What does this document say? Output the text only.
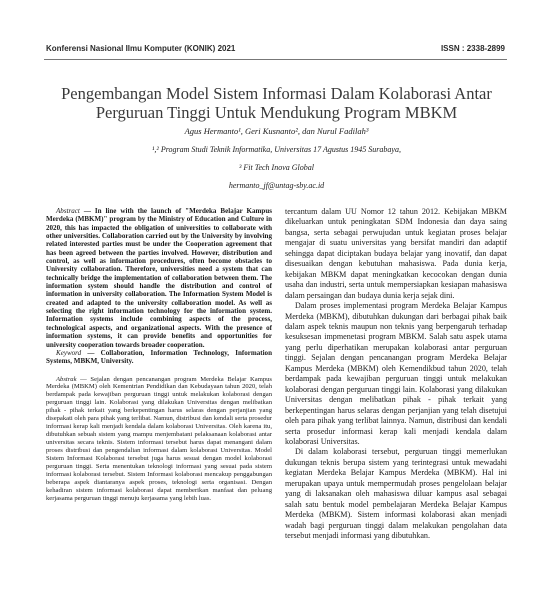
Konferensi Nasional Ilmu Komputer (KONIK) 2021	ISSN : 2338-2899
Pengembangan Model Sistem Informasi Dalam Kolaborasi Antar Perguruan Tinggi Untuk Mendukung Program MBKM
Agus Hermanto¹, Geri Kusnanto², dan Nurul Fadilah³
¹,² Program Studi Teknik Informatika, Universitas 17 Agustus 1945 Surabaya,
³ Fit Tech Inova Global
hermanto_jf@untag-sby.ac.id

Abstract — In line with the launch of "Merdeka Belajar Kampus Merdeka (MBKM)" program by the Ministry of Education and Culture in 2020, this has impacted the obligation of universities to collaborate with other universities. Collaboration carried out by the University by involving related interested parties must be under the Cooperation agreement that has been agreed between the parties involved. However, distribution and control, as well as information procedures, often become obstacles to University collaboration. Therefore, universities need a system that can technically bridge the implementation of collaboration between them. The information system should handle the distribution and control of information in university collaboration. The Information System Model is created and adapted to the university collaboration model. As well as selecting the right information technology for the information system. Information systems include combining aspects of the process, technological aspects, and organizational aspects. With the presence of information systems, it can provide benefits and opportunities for university cooperation towards broader cooperation.

Keyword — Collaboration, Information Technology, Information Systems, MBKM, University.

Abstrak — Sejalan dengan pencanangan program Merdeka Belajar Kampus Merdeka (MBKM) oleh Kementrian Pendidikan dan Kebudayaan tahun 2020, telah berdampak pada kewajiban perguruan tinggi untuk melakukan kolaborasi dengan perguruan tinggi lain. Kolaborasi yang dilakukan Universitas dengan melibatkan pihak - pihak terkait yang berkepentingan harus selaras dengan perjanjian yang disepakati oleh para pihak yang terlibat. Namun, distribusi dan kendali serta prosedur informasi kerap kali menjadi kendala dalam kolaborasi Universitas. Oleh karena itu, dibutuhkan sebuah sistem yang mampu menjembatani pelaksanaan kolaborasi antar universitas secara teknis. Sistem informasi tersebut harus dapat menangani dalam proses distribusi dan pengendalian informasi dalam kolaborasi Universitas. Model Sistem Informasi Kolaborasi tersebut juga harus sesuai dengan model kolaborasi perguruan tinggi. Serta menentukan teknologi informasi yang sesuai pada sistem informasi kolaborasi tersebut. Sistem Informasi kolaborasi mencakup penggabungan beberapa aspek diantaranya aspek proses, teknologi serta organisasi. Dengan kehadiran sistem informasi kolaborasi dapat memberikan manfaat dan peluang kerjasama perguruan tinggi menuju kerjasama yang lebih luas.

tercantum dalam UU Nomor 12 tahun 2012. Kebijakan MBKM dikeluarkan untuk peningkatan SDM Indonesia dan daya saing bangsa, serta sebagai perwujudan untuk kegiatan proses belajar mengajar di suatu universitas yang bersifat mandiri dan adaptif sehingga dapat diciptakan budaya belajar yang inovatif, dan dapat disesuaikan dengan kebutuhan mahasiswa. Pada dunia kerja, kebijakan MBKM dapat meningkatkan kecocokan dengan dunia usaha dan industri, serta untuk mempersiapkan kesiapan mahasiswa dalam persaingan dan budaya dunia kerja sejak dini.

Dalam proses implementasi program Merdeka Belajar Kampus Merdeka (MBKM), dibutuhkan dukungan dari berbagai pihak baik dalam aspek teknis maupun non teknis yang berpengaruh terhadap kesuksesan impmenetasi program MBKM. Salah satu aspek utama yang perlu diperhatikan merupakan kolaborasi antar perguruan tinggi. Sejalan dengan pencanangan program Merdeka Belajar Kampus Merdeka (MBKM) oleh Kemendikbud tahun 2020, telah berdampak pada kewajiban perguruan tinggi untuk melakukan kolaborasi dengan perguruan tinggi lain. Kolaborasi yang dilakukan Universitas dengan melibatkan pihak - pihak terkait yang berkepentingan harus selaras dengan perjanjian yang telah disetujui oleh para pihak yang terlibat lainnya. Namun, distribusi dan kendali serta prosedur informasi kerap kali menjadi kendala dalam kolaborasi Universitas.

Di dalam kolaborasi tersebut, perguruan tinggi memerlukan dukungan teknis berupa sistem yang terintegrasi untuk mewadahi kegiatan Merdeka Belajar Kampus Merdeka (MBKM). Hal ini merupakan upaya untuk mempermudah proses pengelolaan belajar yang di laksanakan oleh mahasiswa diluar kampus asal sebagai salah satu bentuk model pembelajaran Merdeka Belajar Kampus Merdeka (MBKM). Sistem informasi kolaborasi akan menjadi wadah bagi perguruan tinggi dalam melakukan pengolahan data tersebut menjadi informasi yang dibutuhkan.
